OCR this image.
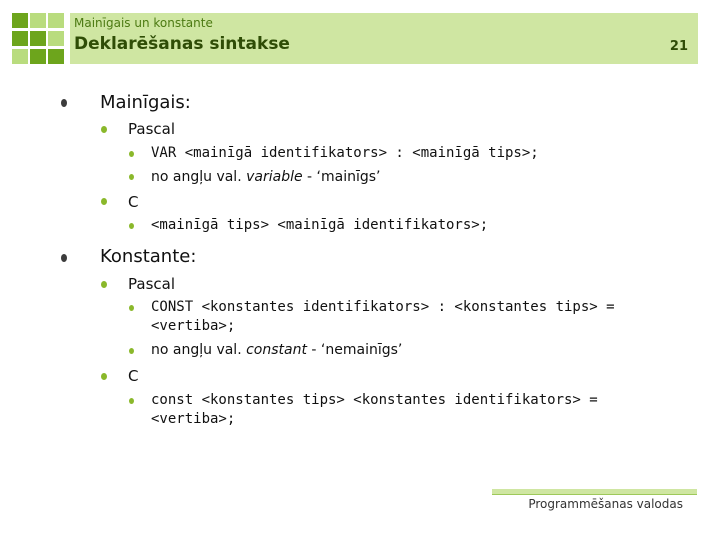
Mainīgais un konstante
Deklarēšanas sintakse	21
Mainīgais:
Pascal
VAR <mainīgā identifikators> : <mainīgā tips>;
no angļu val. variable - ‘mainīgs’
C
<mainīgā tips> <mainīgā identifikators>;
Konstante:
Pascal
CONST <konstantes identifikators> : <konstantes tips> =
<vertiba>;
no angļu val. constant - ‘nemainīgs’
C
const <konstantes tips> <konstantes identifikators> =
<vertiba>;
Programmēšanas valodas
